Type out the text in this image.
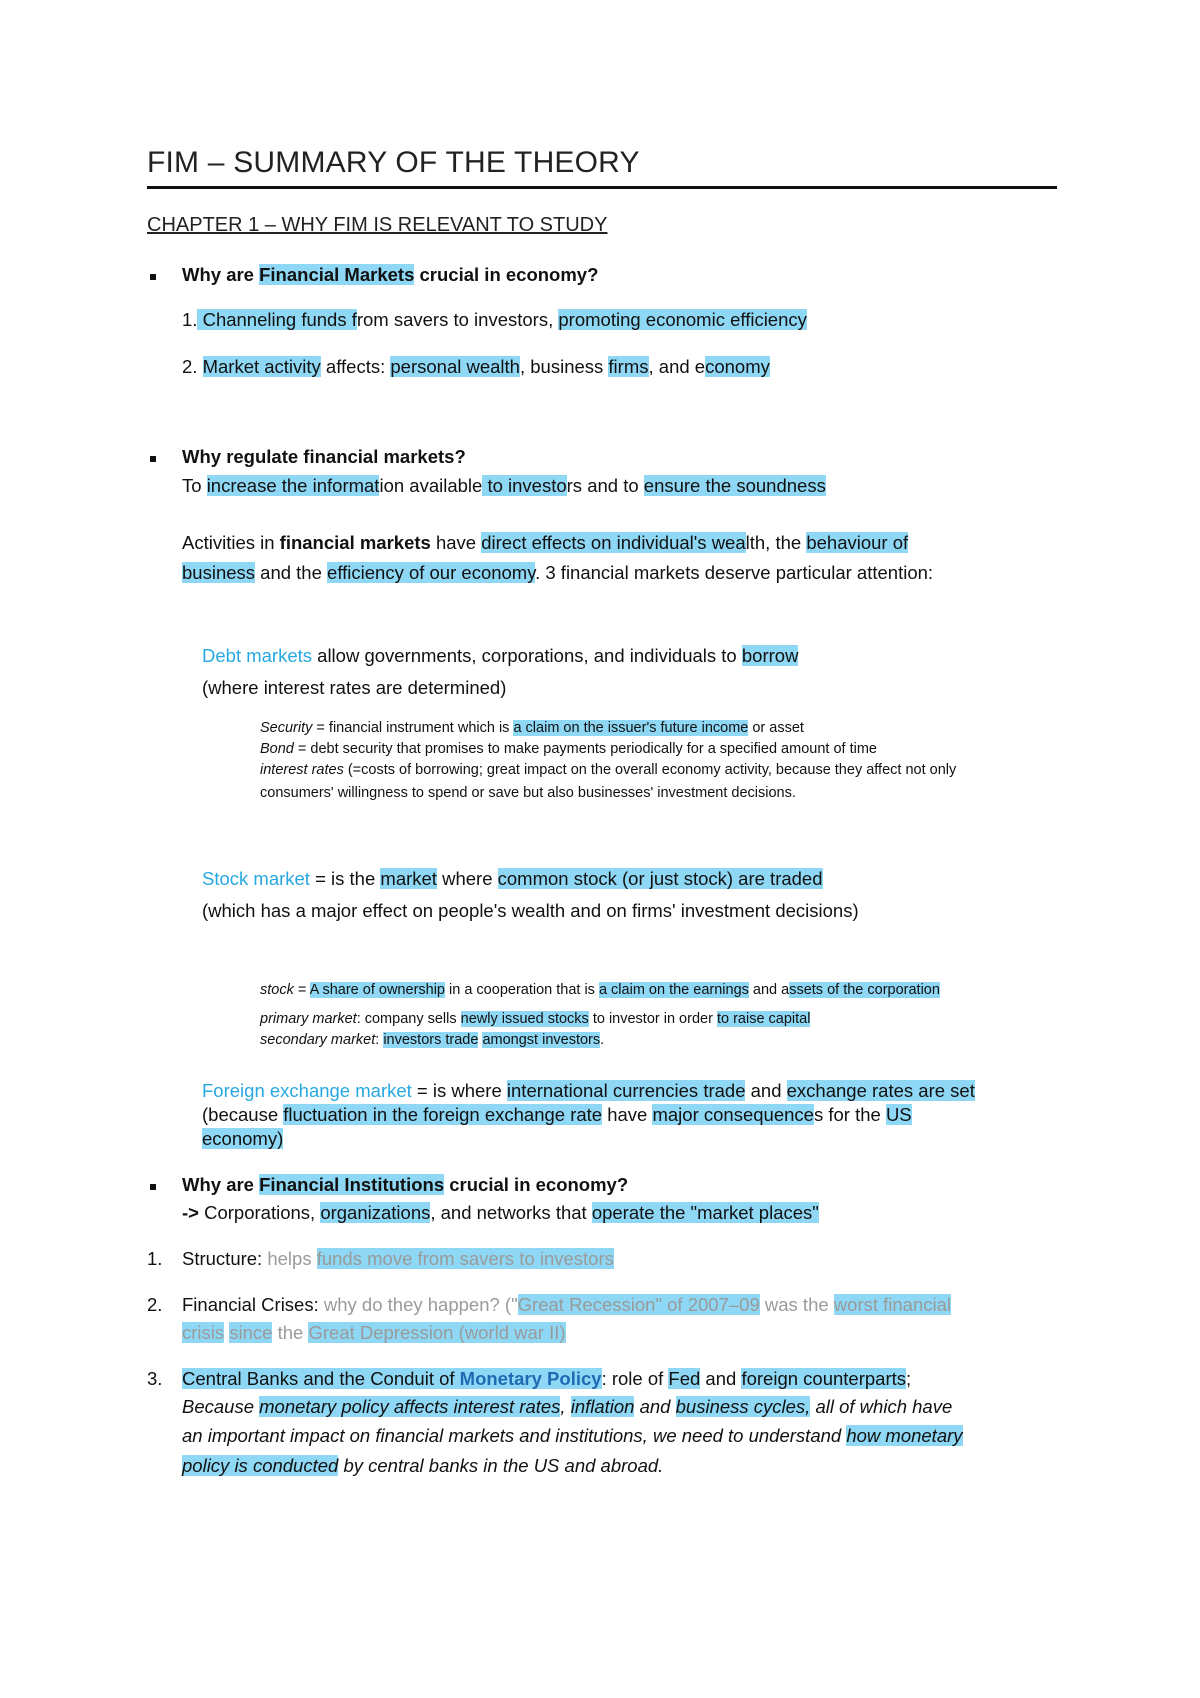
FIM – SUMMARY OF THE THEORY
CHAPTER 1 – WHY FIM IS RELEVANT TO STUDY
Why are Financial Markets crucial in economy?
1. Channeling funds from savers to investors, promoting economic efficiency
2. Market activity affects: personal wealth, business firms, and economy
Why regulate financial markets?
To increase the information available to investors and to ensure the soundness
Activities in financial markets have direct effects on individual's wealth, the behaviour of
business and the efficiency of our economy. 3 financial markets deserve particular attention:
Debt markets allow governments, corporations, and individuals to borrow
(where interest rates are determined)
Security = financial instrument which is a claim on the issuer's future income or asset
Bond = debt security that promises to make payments periodically for a specified amount of time
interest rates (=costs of borrowing; great impact on the overall economy activity, because they affect not only
consumers' willingness to spend or save but also businesses' investment decisions.
Stock market = is the market where common stock (or just stock) are traded
(which has a major effect on people's wealth and on firms' investment decisions)
stock = A share of ownership in a cooperation that is a claim on the earnings and assets of the corporation
primary market: company sells newly issued stocks to investor in order to raise capital
secondary market: investors trade amongst investors.
Foreign exchange market = is where international currencies trade and exchange rates are set
(because fluctuation in the foreign exchange rate have major consequences for the US
economy)
Why are Financial Institutions crucial in economy?
-> Corporations, organizations, and networks that operate the "market places"
1. Structure: helps funds move from savers to investors
2. Financial Crises: why do they happen? ("Great Recession" of 2007–09 was the worst financial
crisis since the Great Depression (world war II)
3. Central Banks and the Conduit of Monetary Policy: role of Fed and foreign counterparts;
Because monetary policy affects interest rates, inflation and business cycles, all of which have
an important impact on financial markets and institutions, we need to understand how monetary
policy is conducted by central banks in the US and abroad.
